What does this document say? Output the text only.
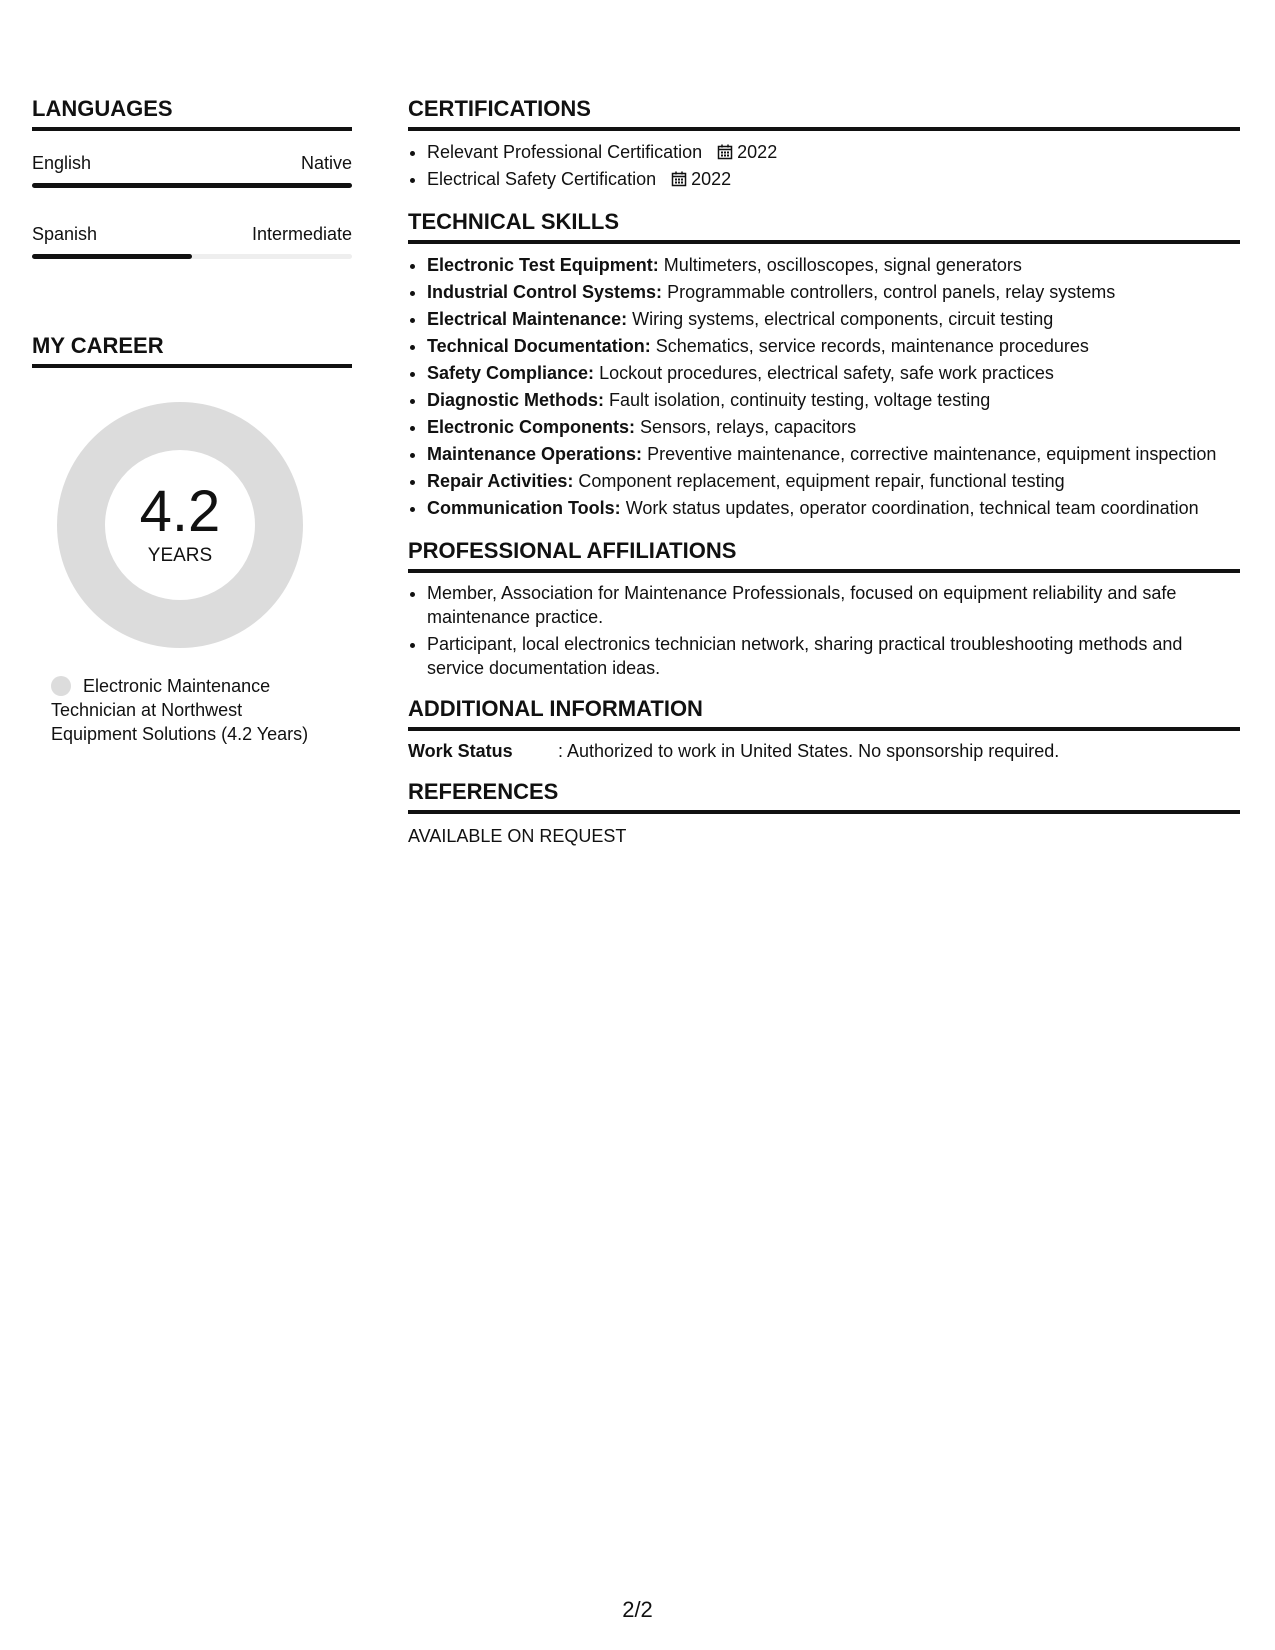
LANGUAGES
English	Native
Spanish	Intermediate
MY CAREER
4.2
YEARS
Electronic Maintenance Technician at Northwest Equipment Solutions (4.2 Years)
CERTIFICATIONS
• Relevant Professional Certification 2022
• Electrical Safety Certification 2022
TECHNICAL SKILLS
• Electronic Test Equipment: Multimeters, oscilloscopes, signal generators
• Industrial Control Systems: Programmable controllers, control panels, relay systems
• Electrical Maintenance: Wiring systems, electrical components, circuit testing
• Technical Documentation: Schematics, service records, maintenance procedures
• Safety Compliance: Lockout procedures, electrical safety, safe work practices
• Diagnostic Methods: Fault isolation, continuity testing, voltage testing
• Electronic Components: Sensors, relays, capacitors
• Maintenance Operations: Preventive maintenance, corrective maintenance, equipment inspection
• Repair Activities: Component replacement, equipment repair, functional testing
• Communication Tools: Work status updates, operator coordination, technical team coordination
PROFESSIONAL AFFILIATIONS
• Member, Association for Maintenance Professionals, focused on equipment reliability and safe maintenance practice.
• Participant, local electronics technician network, sharing practical troubleshooting methods and service documentation ideas.
ADDITIONAL INFORMATION
Work Status	: Authorized to work in United States. No sponsorship required.
REFERENCES
AVAILABLE ON REQUEST
2/2
